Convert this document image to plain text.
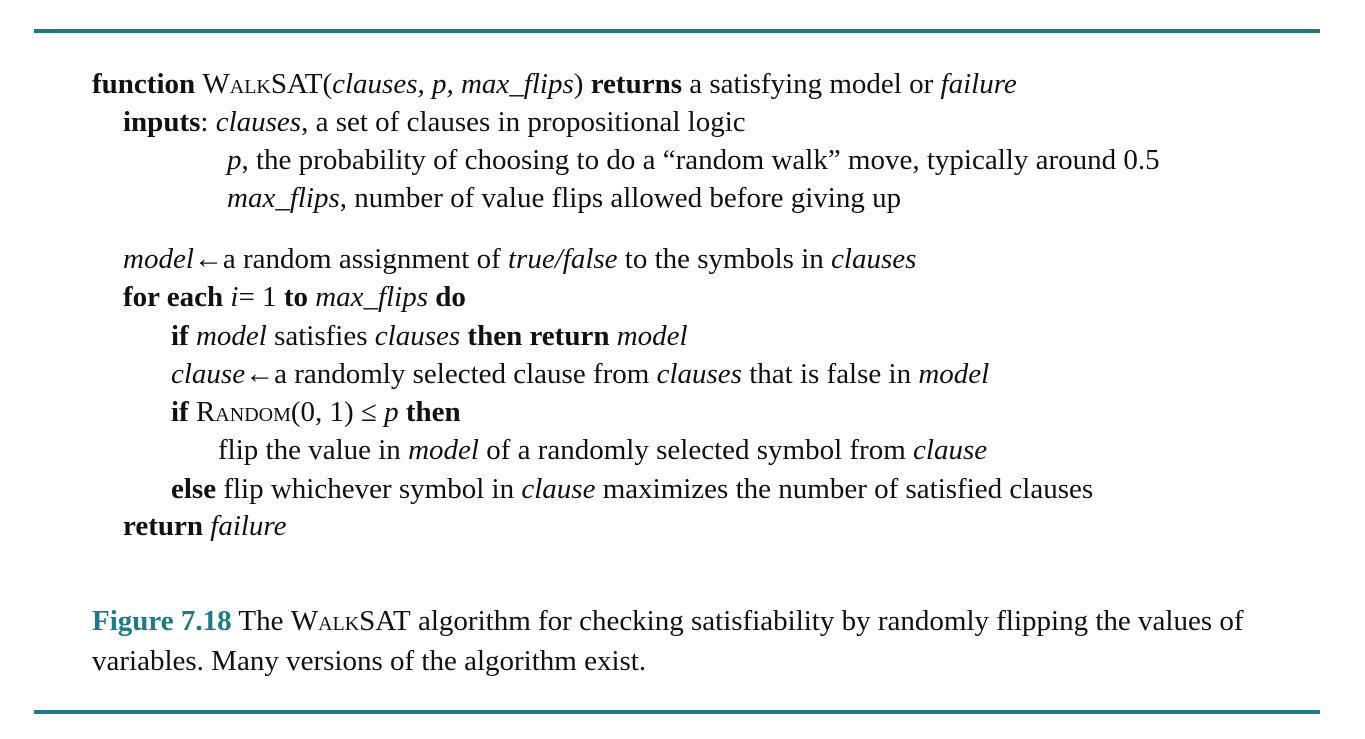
function WalkSAT(clauses, p, max_flips) returns a satisfying model or failure
inputs: clauses, a set of clauses in propositional logic
p, the probability of choosing to do a “random walk” move, typically around 0.5
max_flips, number of value flips allowed before giving up
model←a random assignment of true/false to the symbols in clauses
for each i= 1 to max_flips do
if model satisfies clauses then return model
clause←a randomly selected clause from clauses that is false in model
if Random(0, 1) ≤ p then
flip the value in model of a randomly selected symbol from clause
else flip whichever symbol in clause maximizes the number of satisfied clauses
return failure
Figure 7.18 The WalkSAT algorithm for checking satisfiability by randomly flipping the values of variables. Many versions of the algorithm exist.
